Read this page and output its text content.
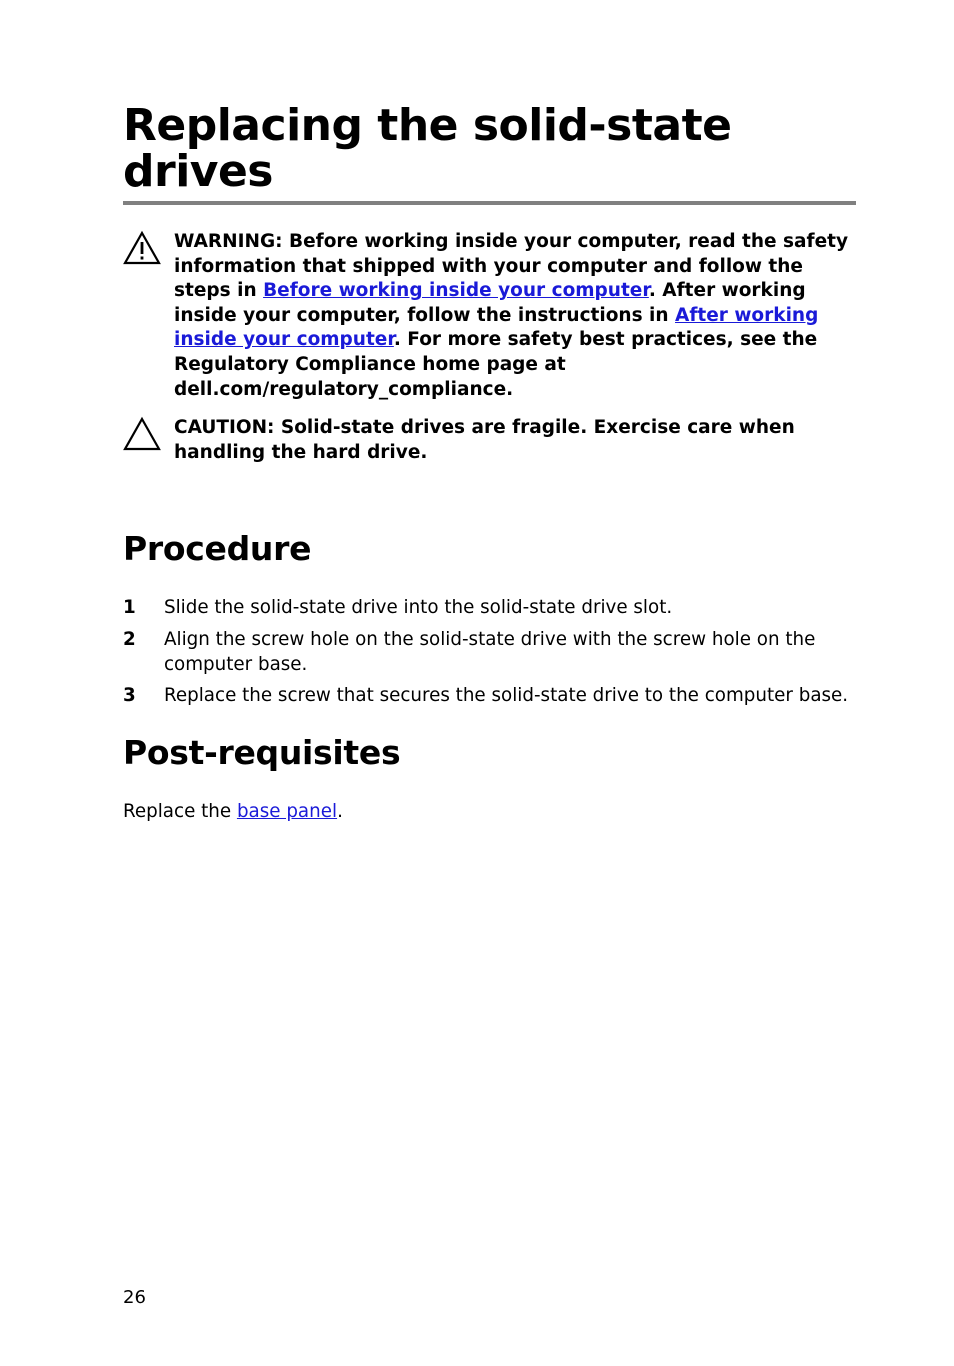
Replacing the solid-state drives
WARNING: Before working inside your computer, read the safety information that shipped with your computer and follow the steps in Before working inside your computer. After working inside your computer, follow the instructions in After working inside your computer. For more safety best practices, see the Regulatory Compliance home page at dell.com/regulatory_compliance.
CAUTION: Solid-state drives are fragile. Exercise care when handling the hard drive.
Procedure
1 Slide the solid-state drive into the solid-state drive slot.
2 Align the screw hole on the solid-state drive with the screw hole on the computer base.
3 Replace the screw that secures the solid-state drive to the computer base.
Post-requisites
Replace the base panel.
26
